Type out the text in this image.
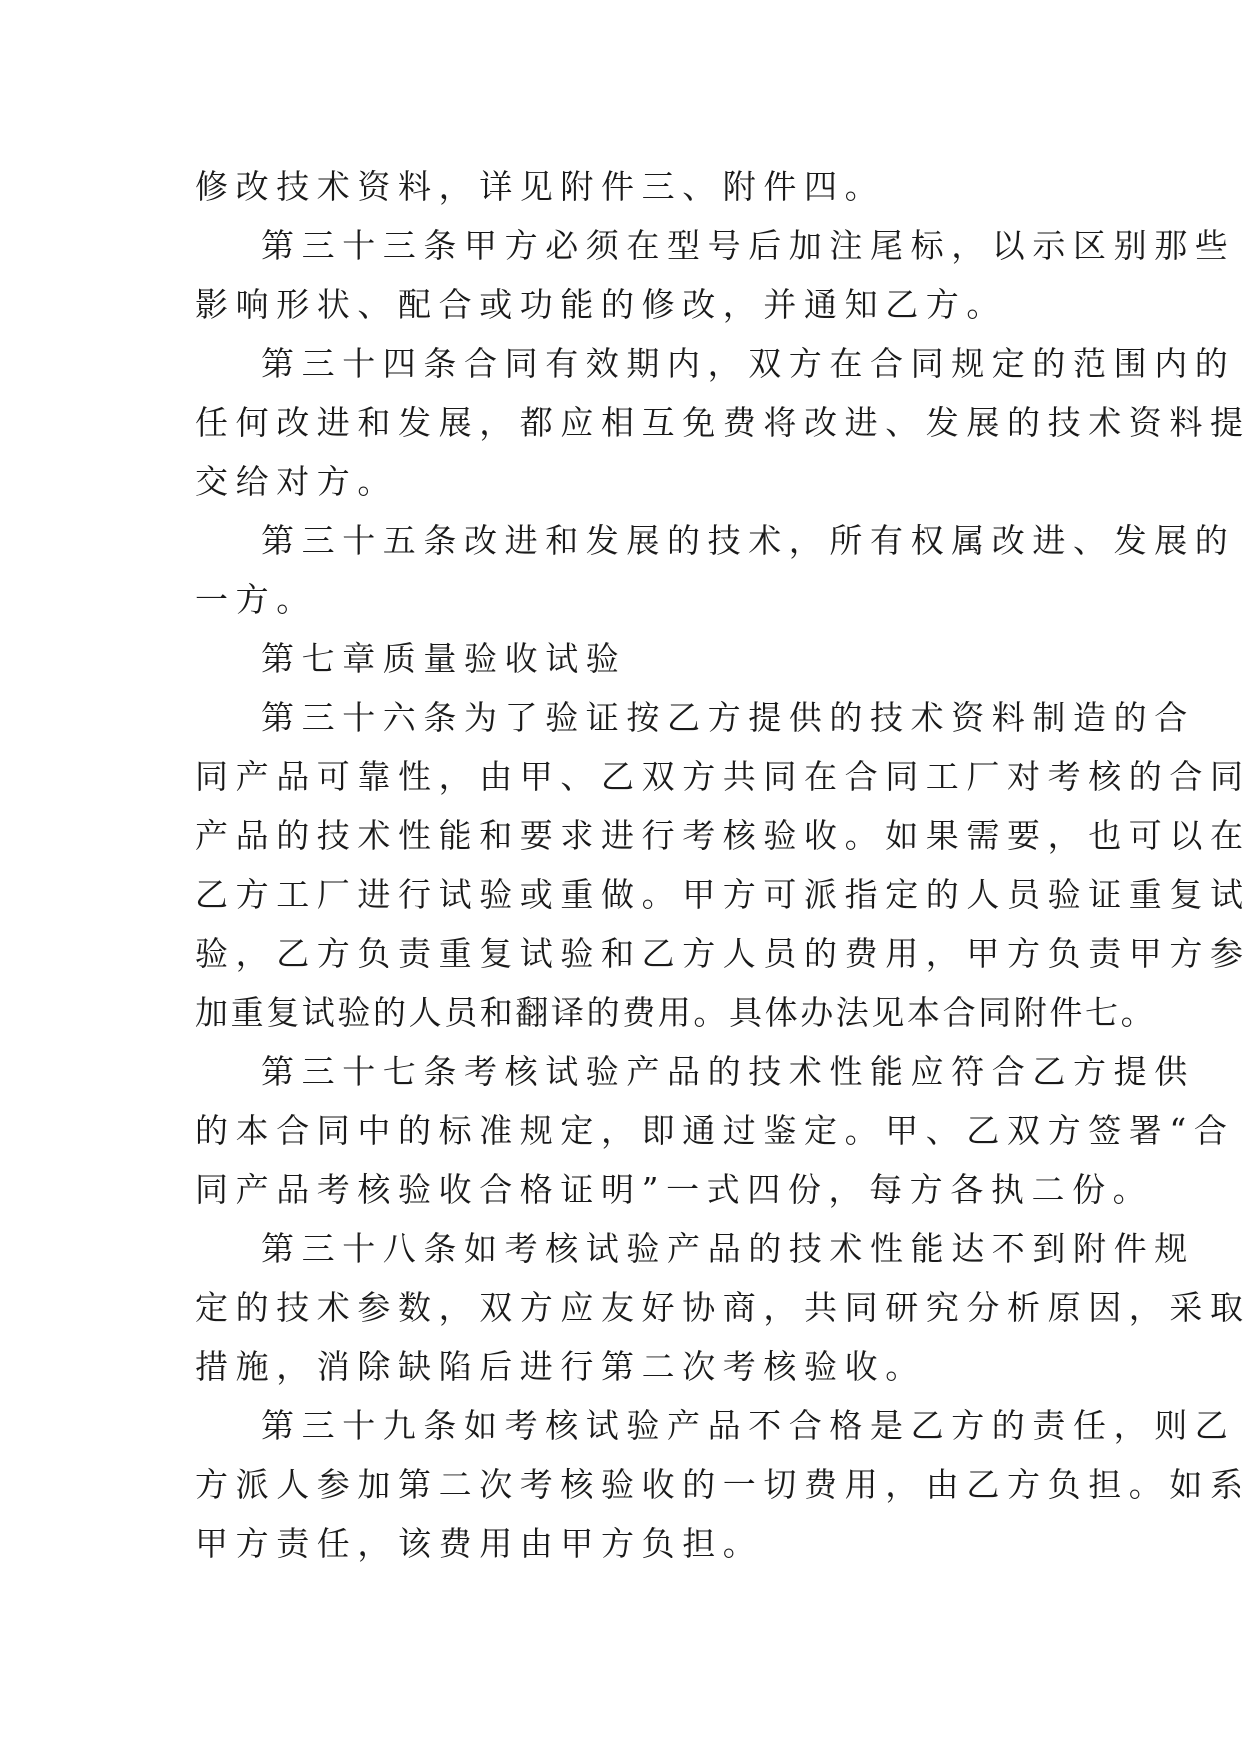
修改技术资料，详见附件三、附件四。
第三十三条甲方必须在型号后加注尾标，以示区别那些
影响形状、配合或功能的修改，并通知乙方。
第三十四条合同有效期内，双方在合同规定的范围内的
任何改进和发展，都应相互免费将改进、发展的技术资料提
交给对方。
第三十五条改进和发展的技术，所有权属改进、发展的
一方。
第七章质量验收试验
第三十六条为了验证按乙方提供的技术资料制造的合
同产品可靠性，由甲、乙双方共同在合同工厂对考核的合同
产品的技术性能和要求进行考核验收。如果需要，也可以在
乙方工厂进行试验或重做。甲方可派指定的人员验证重复试
验，乙方负责重复试验和乙方人员的费用，甲方负责甲方参
加重复试验的人员和翻译的费用。具体办法见本合同附件七。
第三十七条考核试验产品的技术性能应符合乙方提供
的本合同中的标准规定，即通过鉴定。甲、乙双方签署“合
同产品考核验收合格证明”一式四份，每方各执二份。
第三十八条如考核试验产品的技术性能达不到附件规
定的技术参数，双方应友好协商，共同研究分析原因，采取
措施，消除缺陷后进行第二次考核验收。
第三十九条如考核试验产品不合格是乙方的责任，则乙
方派人参加第二次考核验收的一切费用，由乙方负担。如系
甲方责任，该费用由甲方负担。
